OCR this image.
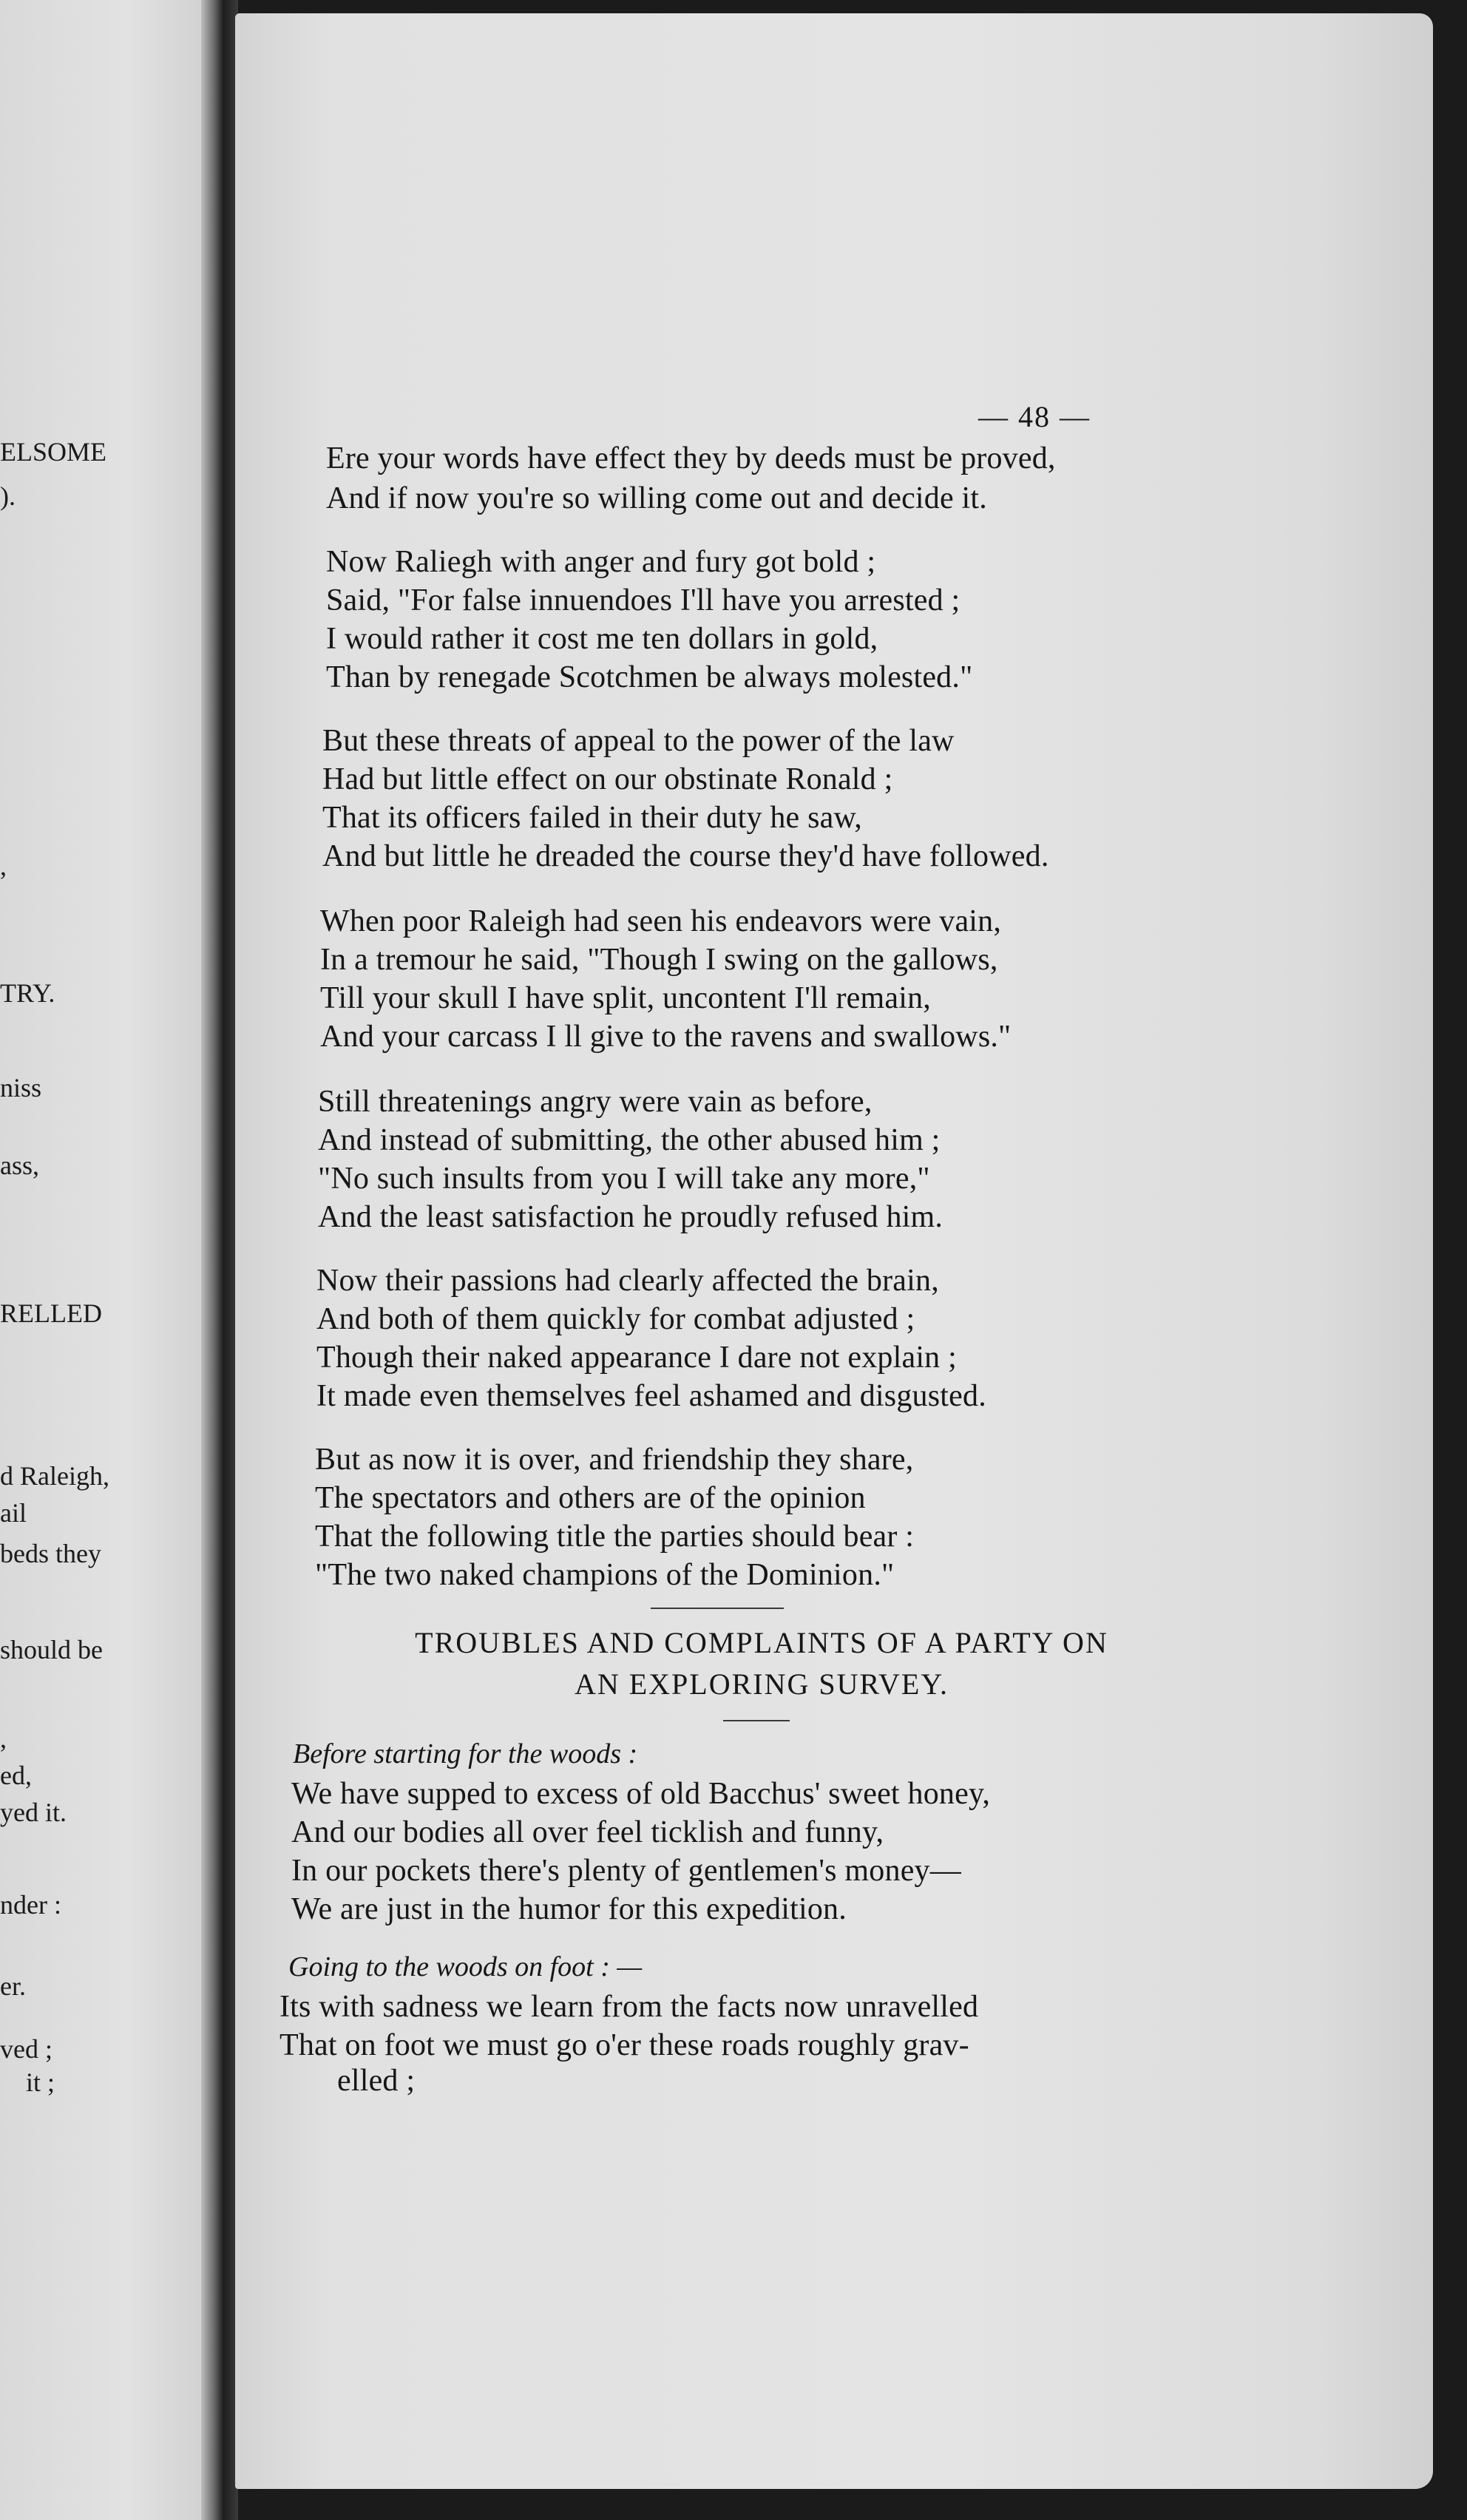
ELSOME
).
,
TRY.
niss
ass,
RELLED
d Raleigh,
ail
beds they
should be
,
ed,
yed it.
nder :
er.
ved ;
it ;
— 48 —
Ere your words have effect they by deeds must be proved,
And if now you're so willing come out and decide it.
Now Raliegh with anger and fury got bold ;
Said, "For false innuendoes I'll have you arrested ;
I would rather it cost me ten dollars in gold,
Than by renegade Scotchmen be always molested."
But these threats of appeal to the power of the law
Had but little effect on our obstinate Ronald ;
That its officers failed in their duty he saw,
And but little he dreaded the course they'd have followed.
When poor Raleigh had seen his endeavors were vain,
In a tremour he said, "Though I swing on the gallows,
Till your skull I have split, uncontent I'll remain,
And your carcass I ll give to the ravens and swallows."
Still threatenings angry were vain as before,
And instead of submitting, the other abused him ;
"No such insults from you I will take any more,"
And the least satisfaction he proudly refused him.
Now their passions had clearly affected the brain,
And both of them quickly for combat adjusted ;
Though their naked appearance I dare not explain ;
It made even themselves feel ashamed and disgusted.
But as now it is over, and friendship they share,
The spectators and others are of the opinion
That the following title the parties should bear :
"The two naked champions of the Dominion."
TROUBLES AND COMPLAINTS OF A PARTY ON
AN EXPLORING SURVEY.
Before starting for the woods :
We have supped to excess of old Bacchus' sweet honey,
And our bodies all over feel ticklish and funny,
In our pockets there's plenty of gentlemen's money—
We are just in the humor for this expedition.
Going to the woods on foot : —
Its with sadness we learn from the facts now unravelled
That on foot we must go o'er these roads roughly grav-
elled ;
